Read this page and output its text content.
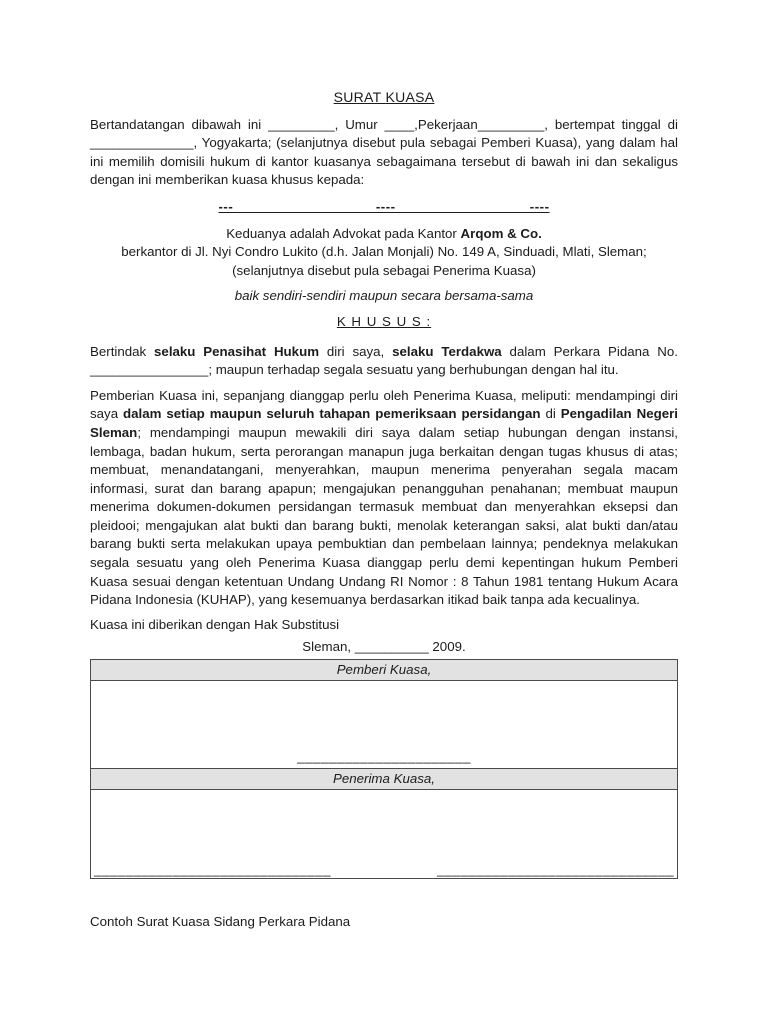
SURAT KUASA

Bertandatangan dibawah ini _________, Umur ____,Pekerjaan_________, bertempat tinggal di ______________, Yogyakarta; (selanjutnya disebut pula sebagai Pemberi Kuasa), yang dalam hal ini memilih domisili hukum di kantor kuasanya sebagaimana tersebut di bawah ini dan sekaligus dengan ini memberikan kuasa khusus kepada:

--- _________________ ----_________________----

Keduanya adalah Advokat pada Kantor Arqom & Co.

berkantor di Jl. Nyi Condro Lukito (d.h. Jalan Monjali) No. 149 A, Sinduadi, Mlati, Sleman;

(selanjutnya disebut pula sebagai Penerima Kuasa)

baik sendiri-sendiri maupun secara bersama-sama

K H U S U S :

Bertindak selaku Penasihat Hukum diri saya, selaku Terdakwa dalam Perkara Pidana No. ________________; maupun terhadap segala sesuatu yang berhubungan dengan hal itu.

Pemberian Kuasa ini, sepanjang dianggap perlu oleh Penerima Kuasa, meliputi: mendampingi diri saya dalam setiap maupun seluruh tahapan pemeriksaan persidangan di Pengadilan Negeri Sleman; mendampingi maupun mewakili diri saya dalam setiap hubungan dengan instansi, lembaga, badan hukum, serta perorangan manapun juga berkaitan dengan tugas khusus di atas; membuat, menandatangani, menyerahkan, maupun menerima penyerahan segala macam informasi, surat dan barang apapun; mengajukan penangguhan penahanan; membuat maupun menerima dokumen-dokumen persidangan termasuk membuat dan menyerahkan eksepsi dan pleidooi; mengajukan alat bukti dan barang bukti, menolak keterangan saksi, alat bukti dan/atau barang bukti serta melakukan upaya pembuktian dan pembelaan lainnya; pendeknya melakukan segala sesuatu yang oleh Penerima Kuasa dianggap perlu demi kepentingan hukum Pemberi Kuasa sesuai dengan ketentuan Undang Undang RI Nomor : 8 Tahun 1981 tentang Hukum Acara Pidana Indonesia (KUHAP), yang kesemuanya berdasarkan itikad baik tanpa ada kecualinya.

Kuasa ini diberikan dengan Hak Substitusi

Sleman, __________ 2009.

Pemberi Kuasa,
______________________
Penerima Kuasa,
______________________________	______________________________

Contoh Surat Kuasa Sidang Perkara Pidana
